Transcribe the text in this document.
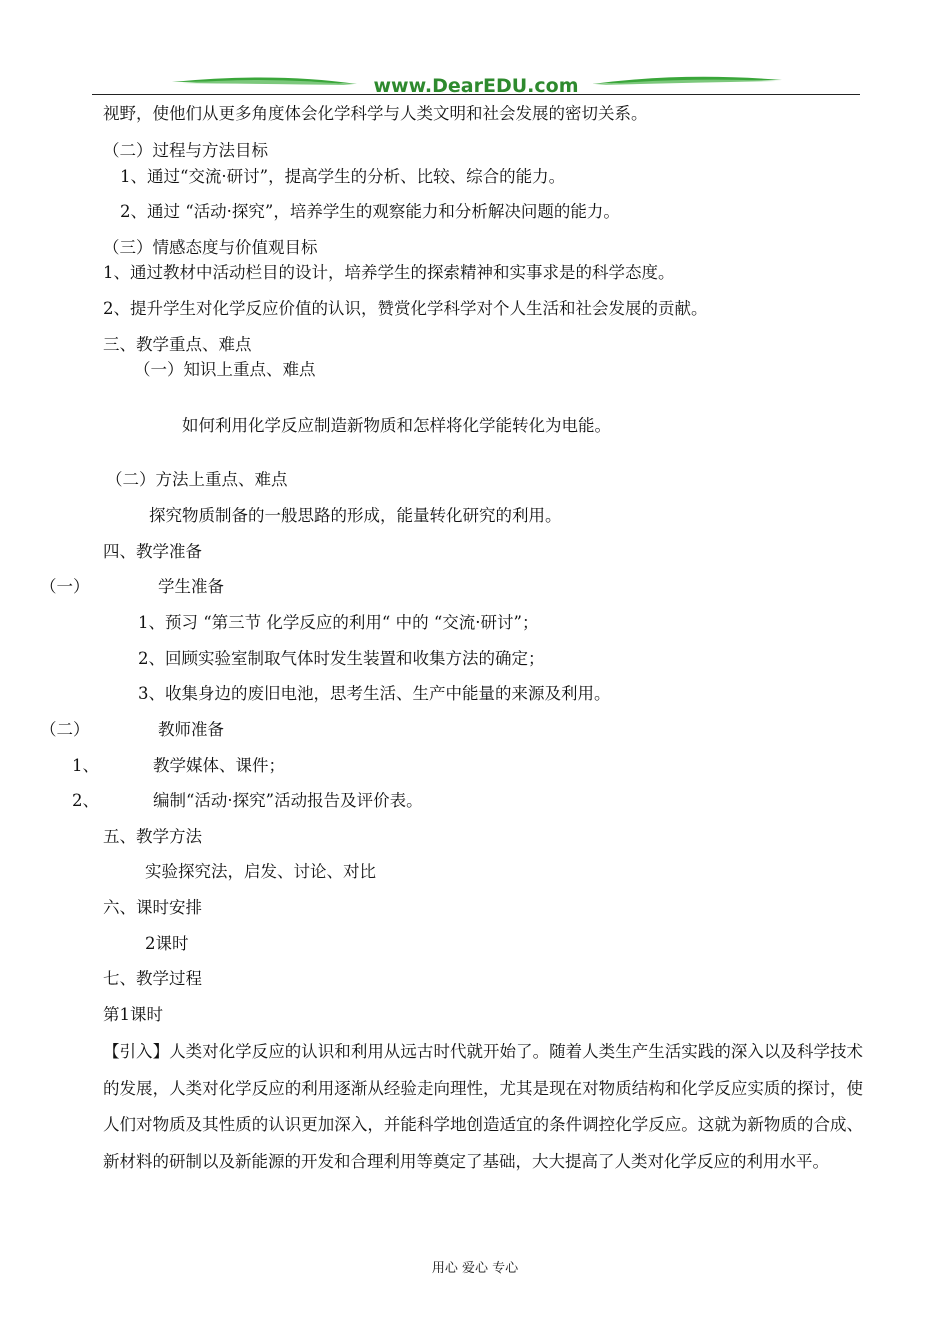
www.DearEDU.com
视野，使他们从更多角度体会化学科学与人类文明和社会发展的密切关系。
（二）过程与方法目标
1、通过“交流·研讨”，提高学生的分析、比较、综合的能力。
2、通过 “活动·探究”，培养学生的观察能力和分析解决问题的能力。
（三）情感态度与价值观目标
1、通过教材中活动栏目的设计，培养学生的探索精神和实事求是的科学态度。
2、提升学生对化学反应价值的认识，赞赏化学科学对个人生活和社会发展的贡献。
三、教学重点、难点
（一）知识上重点、难点
如何利用化学反应制造新物质和怎样将化学能转化为电能。
（二）方法上重点、难点
探究物质制备的一般思路的形成，能量转化研究的利用。
四、教学准备
（一）	学生准备
1、预习 “第三节 化学反应的利用“ 中的 “交流·研讨”；
2、回顾实验室制取气体时发生装置和收集方法的确定；
3、收集身边的废旧电池，思考生活、生产中能量的来源及利用。
（二）	教师准备
1、	教学媒体、课件；
2、	编制“活动·探究”活动报告及评价表。
五、教学方法
实验探究法，启发、讨论、对比
六、课时安排
2课时
七、教学过程
第1课时
【引入】人类对化学反应的认识和利用从远古时代就开始了。随着人类生产生活实践的深入以及科学技术的发展，人类对化学反应的利用逐渐从经验走向理性，尤其是现在对物质结构和化学反应实质的探讨，使人们对物质及其性质的认识更加深入，并能科学地创造适宜的条件调控化学反应。这就为新物质的合成、新材料的研制以及新能源的开发和合理利用等奠定了基础，大大提高了人类对化学反应的利用水平。
用心 爱心 专心
